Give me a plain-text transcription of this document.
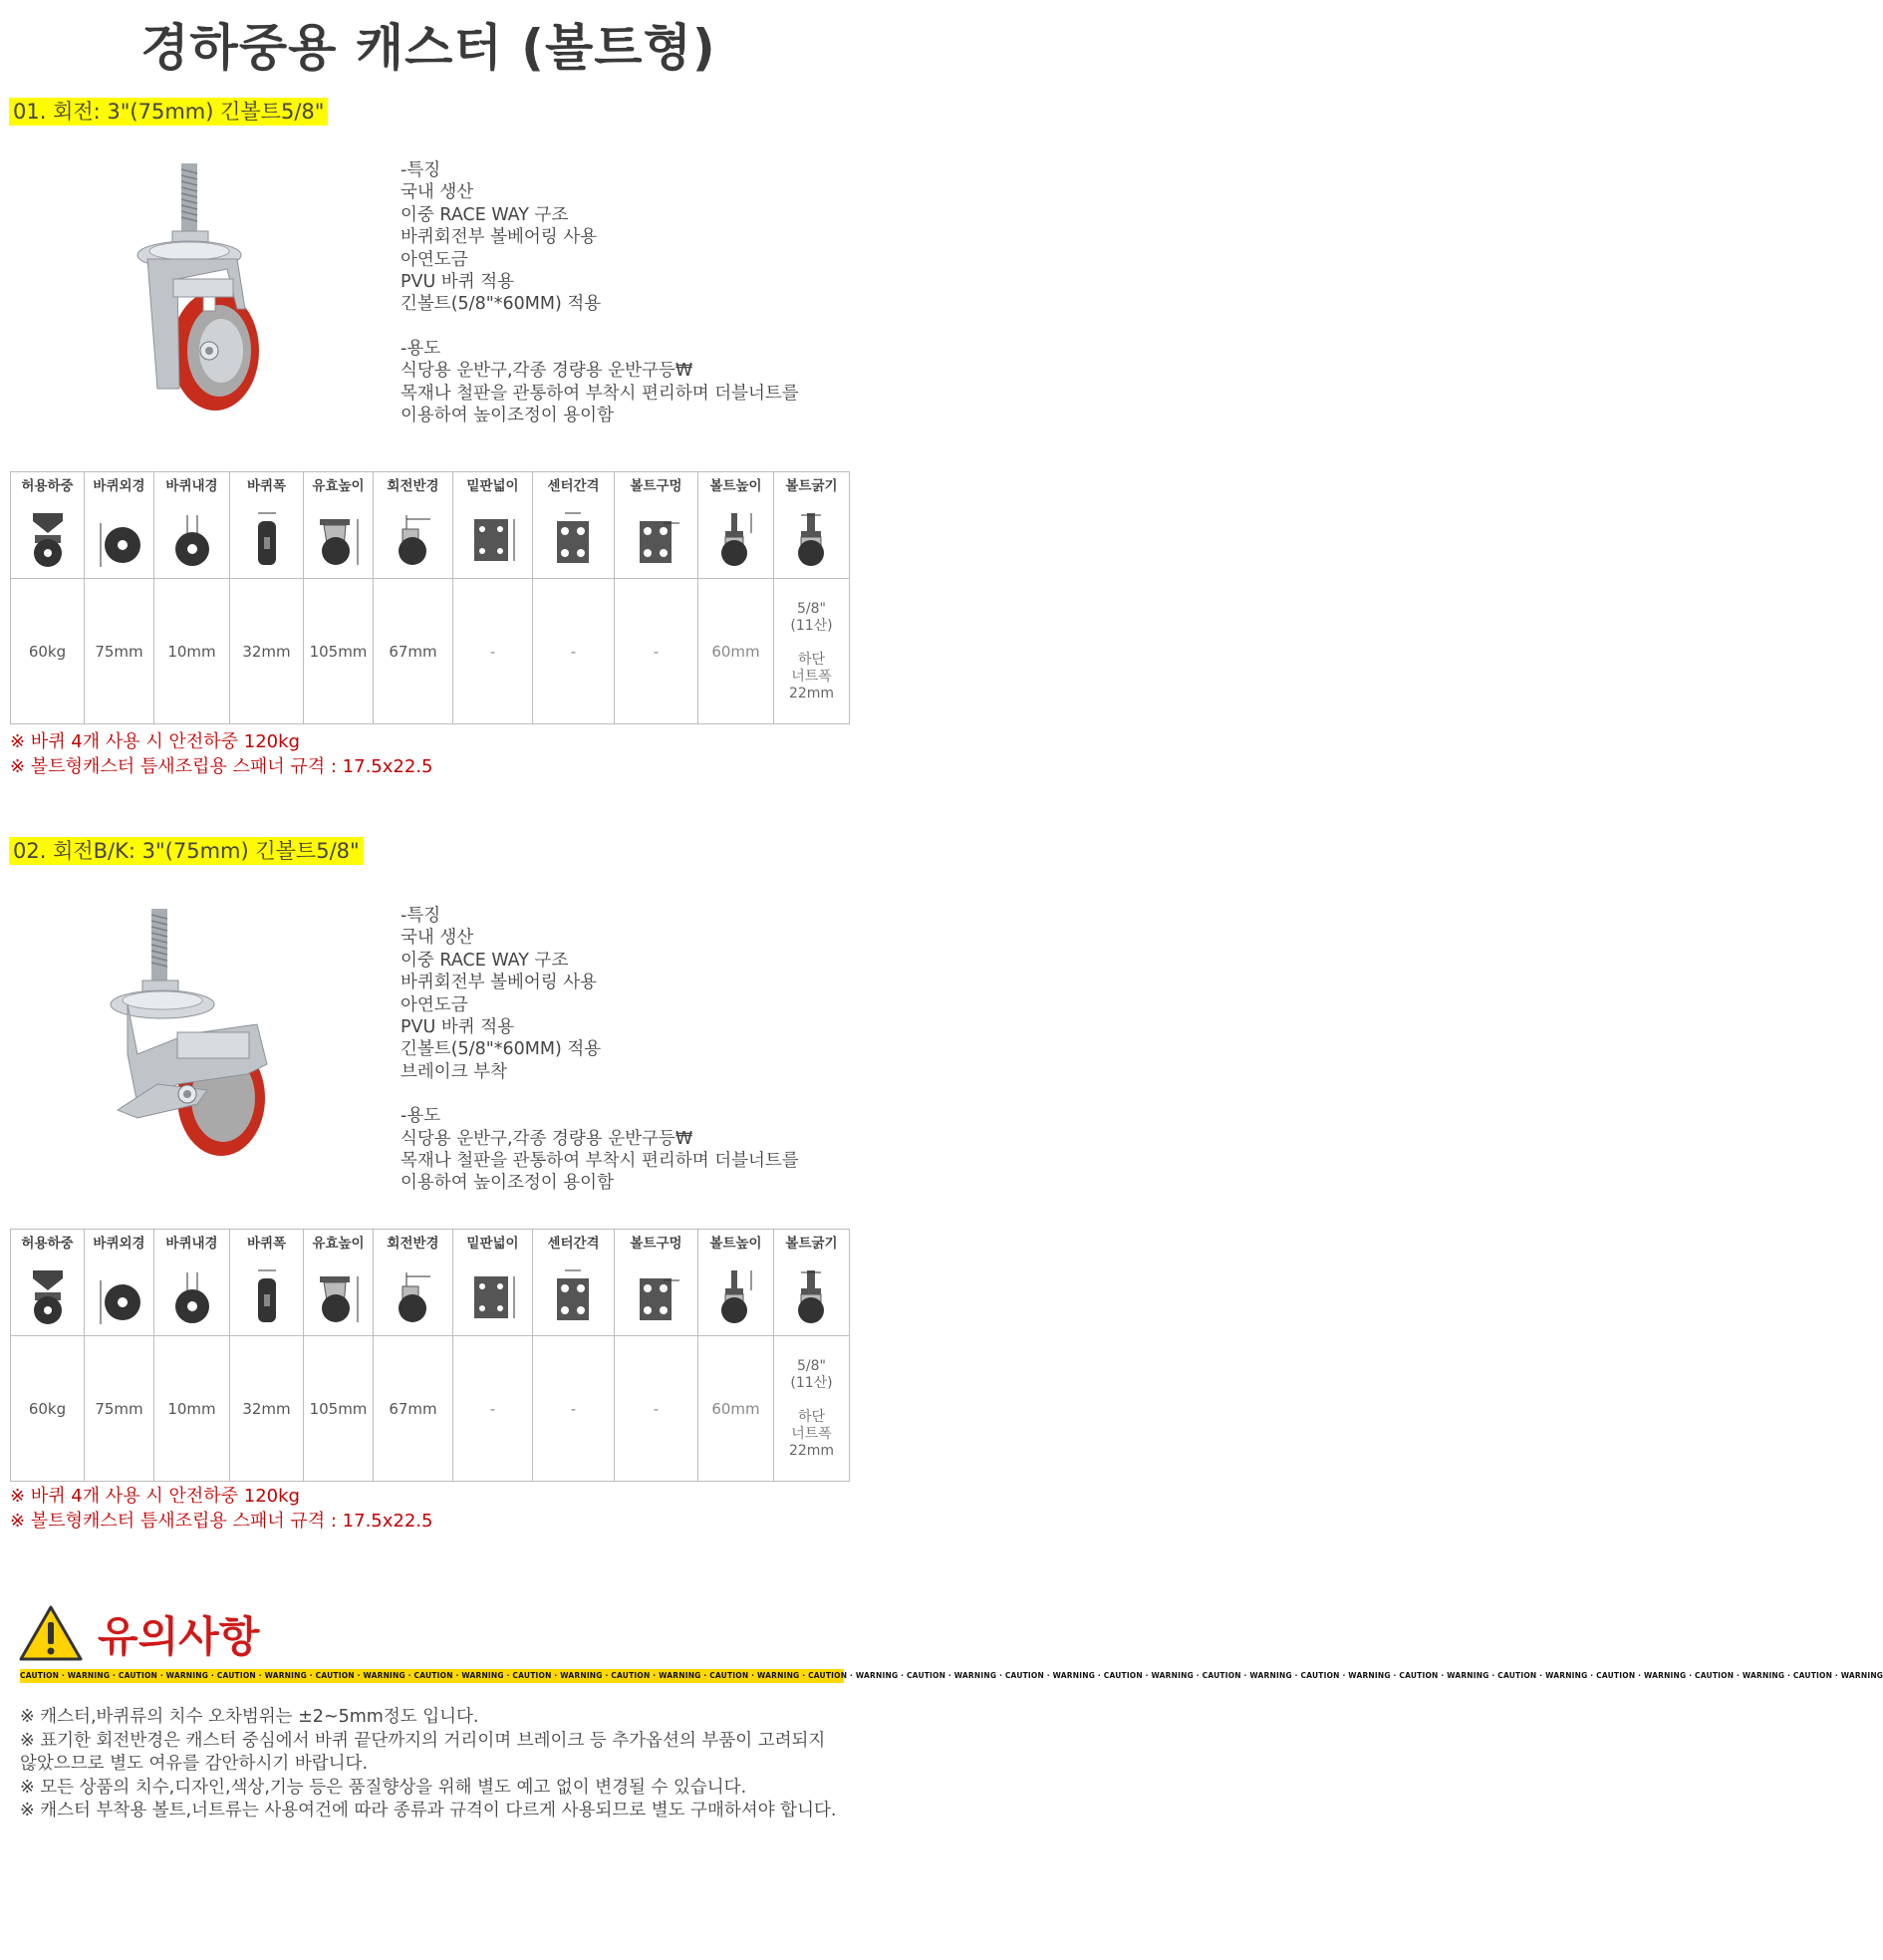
경하중용 캐스터 (볼트형)
01. 회전: 3"(75mm) 긴볼트5/8"
-특징
국내 생산
이중 RACE WAY 구조
바퀴회전부 볼베어링 사용
아연도금
PVU 바퀴 적용
긴볼트(5/8"*60MM) 적용
-용도
식당용 운반구,각종 경량용 운반구등₩
목재나 철판을 관통하여 부착시 편리하며 더블너트를
이용하여 높이조정이 용이함
허용하중	바퀴외경	바퀴내경	바퀴폭	유효높이	회전반경	밑판넓이	센터간격	볼트구멍	볼트높이	볼트굵기

60kg	75mm	10mm	32mm	105mm	67mm	-	-	-	60mm	5/8"
(11산)

하단
너트폭
22mm
※ 바퀴 4개 사용 시 안전하중 120kg
※ 볼트형캐스터 틈새조립용 스패너 규격 : 17.5x22.5
02. 회전B/K: 3"(75mm) 긴볼트5/8"
-특징
국내 생산
이중 RACE WAY 구조
바퀴회전부 볼베어링 사용
아연도금
PVU 바퀴 적용
긴볼트(5/8"*60MM) 적용
브레이크 부착
-용도
식당용 운반구,각종 경량용 운반구등₩
목재나 철판을 관통하여 부착시 편리하며 더블너트를
이용하여 높이조정이 용이함
허용하중	바퀴외경	바퀴내경	바퀴폭	유효높이	회전반경	밑판넓이	센터간격	볼트구멍	볼트높이	볼트굵기

60kg	75mm	10mm	32mm	105mm	67mm	-	-	-	60mm	5/8"
(11산)

하단
너트폭
22mm
※ 바퀴 4개 사용 시 안전하중 120kg
※ 볼트형캐스터 틈새조립용 스패너 규격 : 17.5x22.5
유의사항
CAUTION · WARNING · CAUTION · WARNING · CAUTION · WARNING · CAUTION · WARNING · CAUTION · WARNING · CAUTION · WARNING · CAUTION · WARNING · CAUTION · WARNING · CAUTION · WARNING · CAUTION · WARNING · CAUTION · WARNING · CAUTION · WARNING · CAUTION · WARNING · CAUTION · WARNING · CAUTION · WARNING · CAUTION · WARNING · CAUTION · WARNING · CAUTION · WARNING · CAUTION · WARNING
※ 캐스터,바퀴류의 치수 오차범위는 ±2~5mm정도 입니다.
※ 표기한 회전반경은 캐스터 중심에서 바퀴 끝단까지의 거리이며 브레이크 등 추가옵션의 부품이 고려되지 않았으므로 별도 여유를 감안하시기 바랍니다.
※ 모든 상품의 치수,디자인,색상,기능 등은 품질향상을 위해 별도 예고 없이 변경될 수 있습니다.
※ 캐스터 부착용 볼트,너트류는 사용여건에 따라 종류과 규격이 다르게 사용되므로 별도 구매하셔야 합니다.
